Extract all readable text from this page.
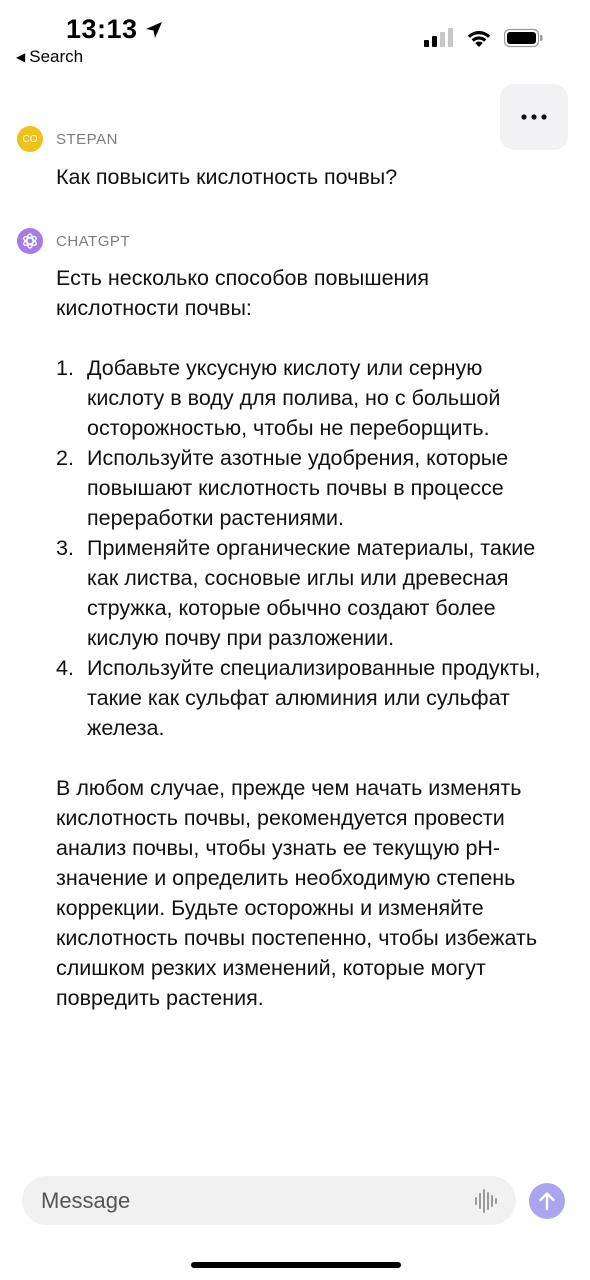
13:13
◀ Search
CO STEPAN
Как повысить кислотность почвы?
CHATGPT

Есть несколько способов повышения кислотности почвы:

1. Добавьте уксусную кислоту или серную кислоту в воду для полива, но с большой осторожностью, чтобы не переборщить.
2. Используйте азотные удобрения, которые повышают кислотность почвы в процессе переработки растениями.
3. Применяйте органические материалы, такие как листва, сосновые иглы или древесная стружка, которые обычно создают более кислую почву при разложении.
4. Используйте специализированные продукты, такие как сульфат алюминия или сульфат железа.

В любом случае, прежде чем начать изменять кислотность почвы, рекомендуется провести анализ почвы, чтобы узнать ее текущую pH-значение и определить необходимую степень коррекции. Будьте осторожны и изменяйте кислотность почвы постепенно, чтобы избежать слишком резких изменений, которые могут повредить растения.

Message
